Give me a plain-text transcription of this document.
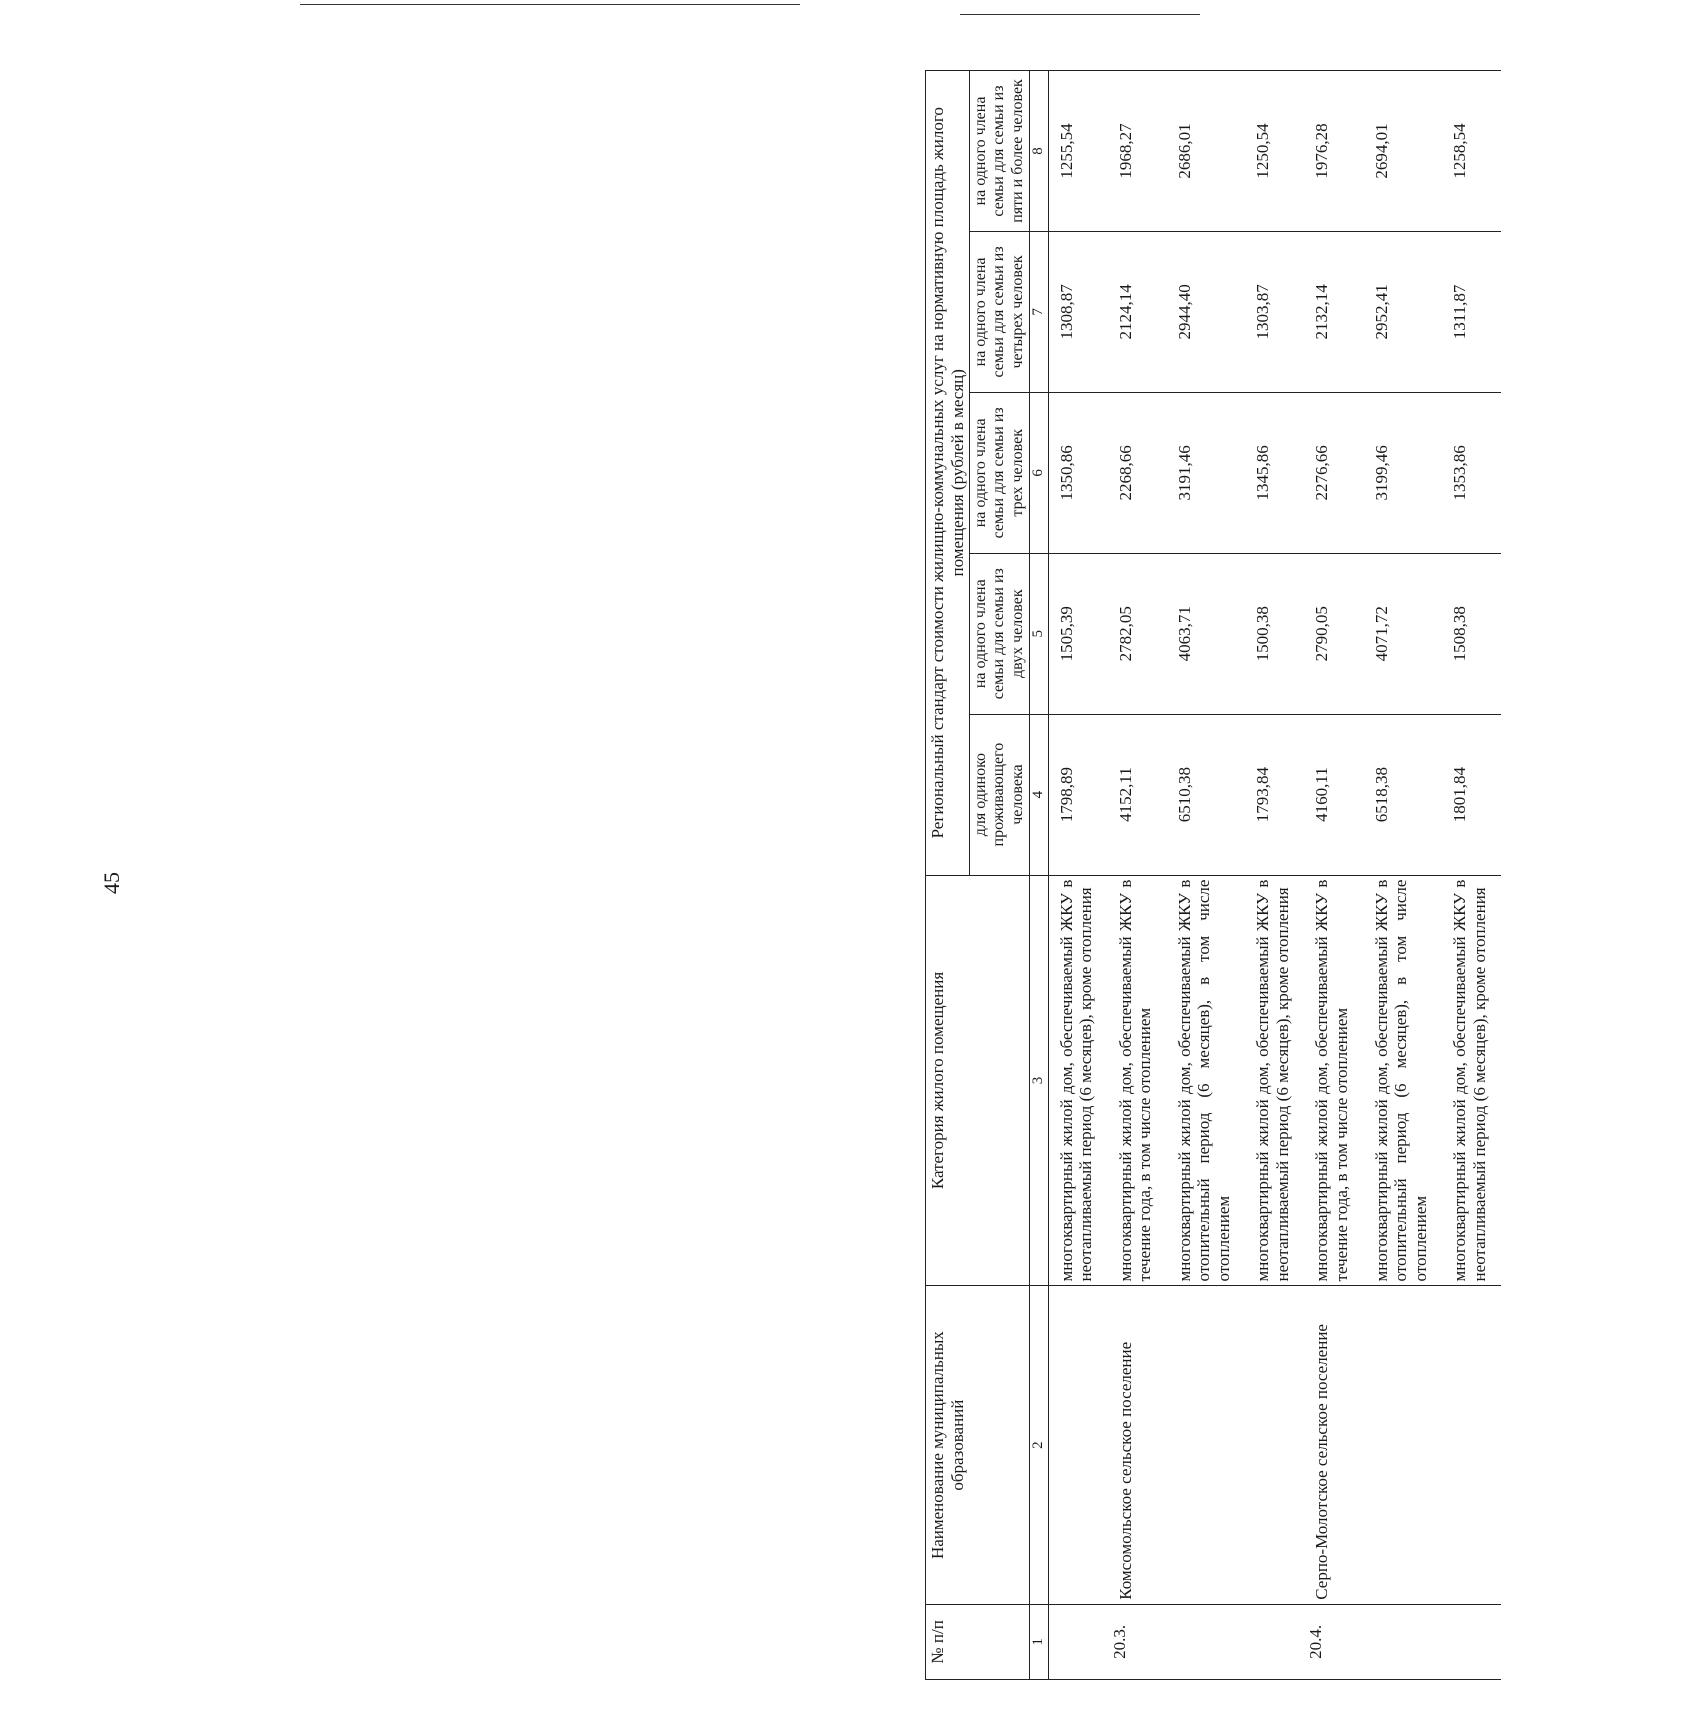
45
№ п/п	Наименование муниципальных образований	Категория жилого помещения	Региональный стандарт стоимости жилищно-коммунальных услуг на нормативную площадь жилого помещения (рублей в месяц)				
			для одиноко проживающего человека	на одного члена семьи для семьи из двух человек	на одного члена семьи для семьи из трех человек	на одного члена семьи для семьи из четырех человек	на одного члена семьи для семьи из пяти и более человек
1	2	3	4	5	6	7	8
		многоквартирный жилой дом, обеспечиваемый ЖКУ в неотапливаемый период (6 месяцев), кроме отопления	1798,89	1505,39	1350,86	1308,87	1255,54
20.3.	Комсомольское сельское поселение	многоквартирный жилой дом, обеспечиваемый ЖКУ в течение года, в том числе отоплением	4152,11	2782,05	2268,66	2124,14	1968,27
		многоквартирный жилой дом, обеспечиваемый ЖКУ в отопительный период (6 месяцев), в том числе отоплением	6510,38	4063,71	3191,46	2944,40	2686,01
		многоквартирный жилой дом, обеспечиваемый ЖКУ в неотапливаемый период (6 месяцев), кроме отопления	1793,84	1500,38	1345,86	1303,87	1250,54
20.4.	Серпо-Молотское сельское поселение	многоквартирный жилой дом, обеспечиваемый ЖКУ в течение года, в том числе отоплением	4160,11	2790,05	2276,66	2132,14	1976,28
		многоквартирный жилой дом, обеспечиваемый ЖКУ в отопительный период (6 месяцев), в том числе отоплением	6518,38	4071,72	3199,46	2952,41	2694,01
		многоквартирный жилой дом, обеспечиваемый ЖКУ в неотапливаемый период (6 месяцев), кроме отопления	1801,84	1508,38	1353,86	1311,87	1258,54
